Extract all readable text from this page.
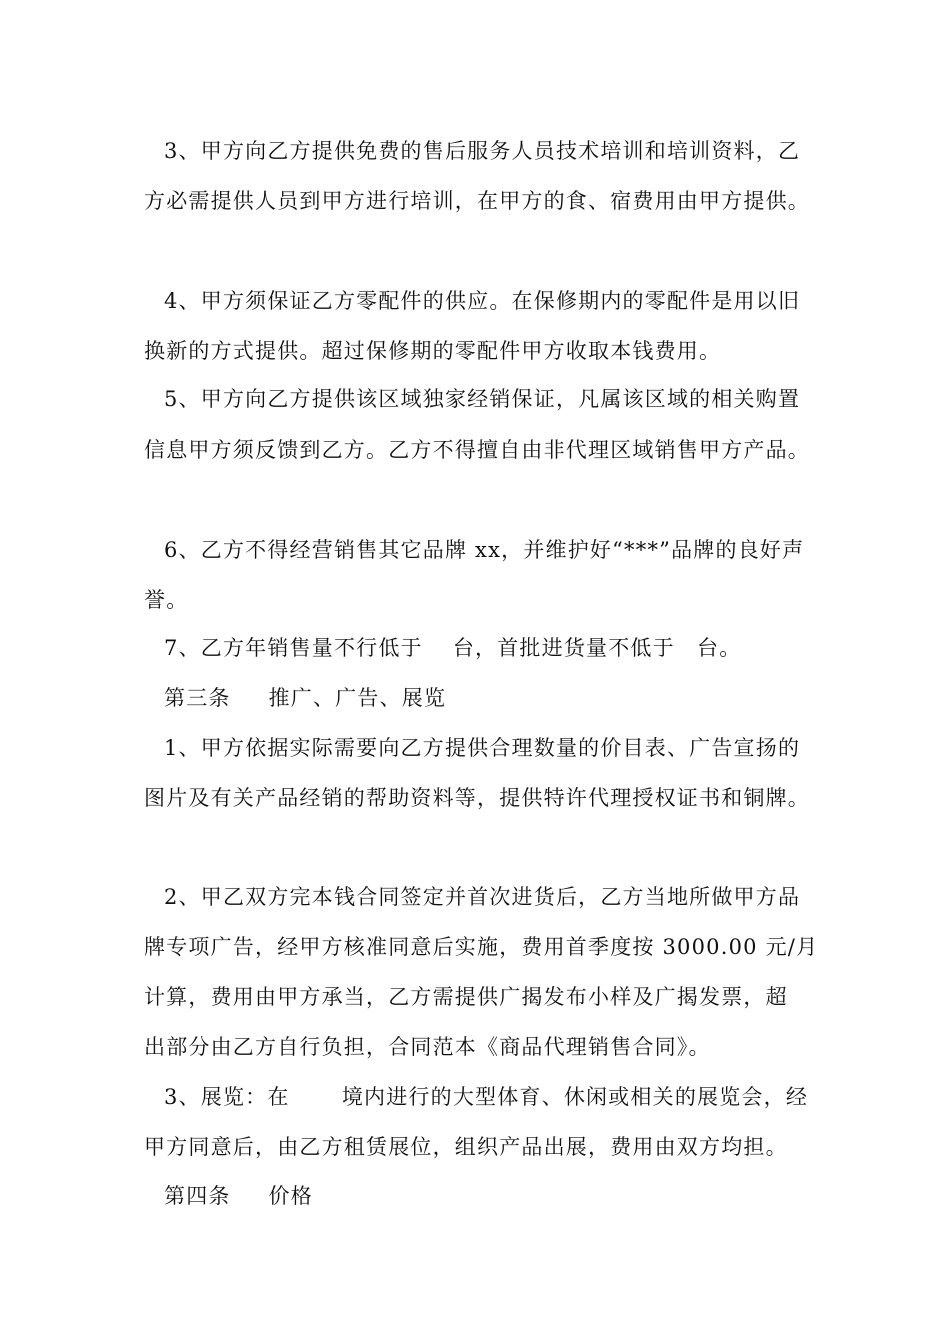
3、甲方向乙方提供免费的售后服务人员技术培训和培训资料，乙
方必需提供人员到甲方进行培训，在甲方的食、宿费用由甲方提供。
4、甲方须保证乙方零配件的供应。在保修期内的零配件是用以旧
换新的方式提供。超过保修期的零配件甲方收取本钱费用。
5、甲方向乙方提供该区域独家经销保证，凡属该区域的相关购置
信息甲方须反馈到乙方。乙方不得擅自由非代理区域销售甲方产品。
6、乙方不得经营销售其它品牌 xx，并维护好“***”品牌的良好声
誉。
7、乙方年销售量不行低于　 台，首批进货量不低于　台。
第三条　  推广、广告、展览
1、甲方依据实际需要向乙方提供合理数量的价目表、广告宣扬的
图片及有关产品经销的帮助资料等，提供特许代理授权证书和铜牌。
2、甲乙双方完本钱合同签定并首次进货后，乙方当地所做甲方品
牌专项广告，经甲方核准同意后实施，费用首季度按 3000.00 元/月
计算，费用由甲方承当，乙方需提供广揭发布小样及广揭发票，超
出部分由乙方自行负担，合同范本《商品代理销售合同》。
3、展览：在　　 境内进行的大型体育、休闲或相关的展览会，经
甲方同意后，由乙方租赁展位，组织产品出展，费用由双方均担。
第四条　  价格
